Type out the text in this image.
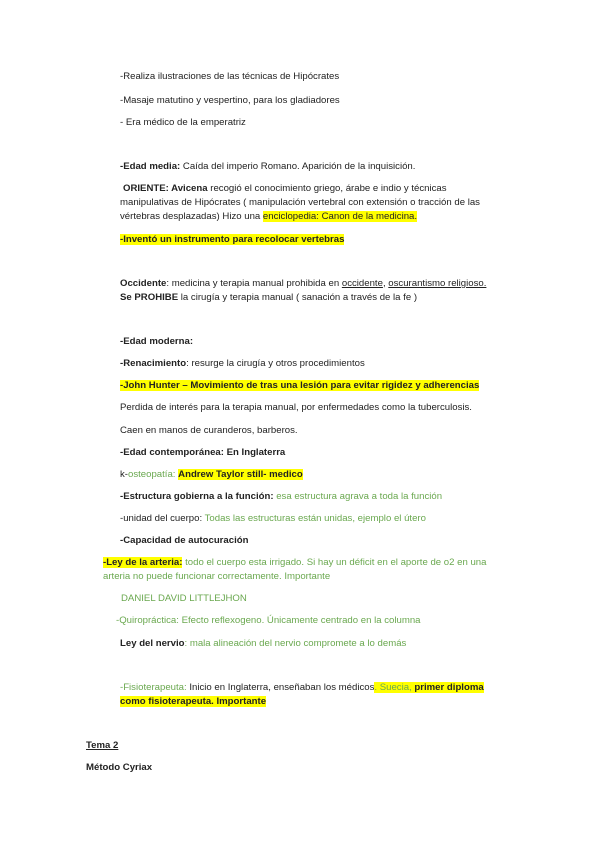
-Realiza ilustraciones de las técnicas de Hipócrates
-Masaje matutino y vespertino, para los gladiadores
- Era médico de la emperatriz
-Edad media: Caída del imperio Romano. Aparición de la inquisición.
ORIENTE: Avicena recogió el conocimiento griego, árabe e indio y técnicas
manipulativas de Hipócrates ( manipulación vertebral con extensión o tracción de las
vértebras desplazadas) Hizo una enciclopedia: Canon de la medicina.
-Inventó un instrumento para recolocar vertebras
Occidente: medicina y terapia manual prohibida en occidente, oscurantismo religioso.
Se PROHIBE la cirugía y terapia manual ( sanación a través de la fe )
-Edad moderna:
-Renacimiento: resurge la cirugía y otros procedimientos
-John Hunter – Movimiento de tras una lesión para evitar rigidez y adherencias
Perdida de interés para la terapia manual, por enfermedades como la tuberculosis.
Caen en manos de curanderos, barberos.
-Edad contemporánea: En Inglaterra
k-osteopatía: Andrew Taylor still- medico
-Estructura gobierna a la función: esa estructura agrava a toda la función
-unidad del cuerpo: Todas las estructuras están unidas, ejemplo el útero
-Capacidad de autocuración
-Ley de la arteria: todo el cuerpo esta irrigado. Si hay un déficit en el aporte de o2 en una
arteria no puede funcionar correctamente. Importante
DANIEL DAVID LITTLEJHON
-Quiropráctica: Efecto reflexogeno. Únicamente centrado en la columna
Ley del nervio: mala alineación del nervio compromete a lo demás
-Fisioterapeuta: Inicio en Inglaterra, enseñaban los médicos. Suecia, primer diploma
como fisioterapeuta. Importante
Tema 2
Método Cyriax
